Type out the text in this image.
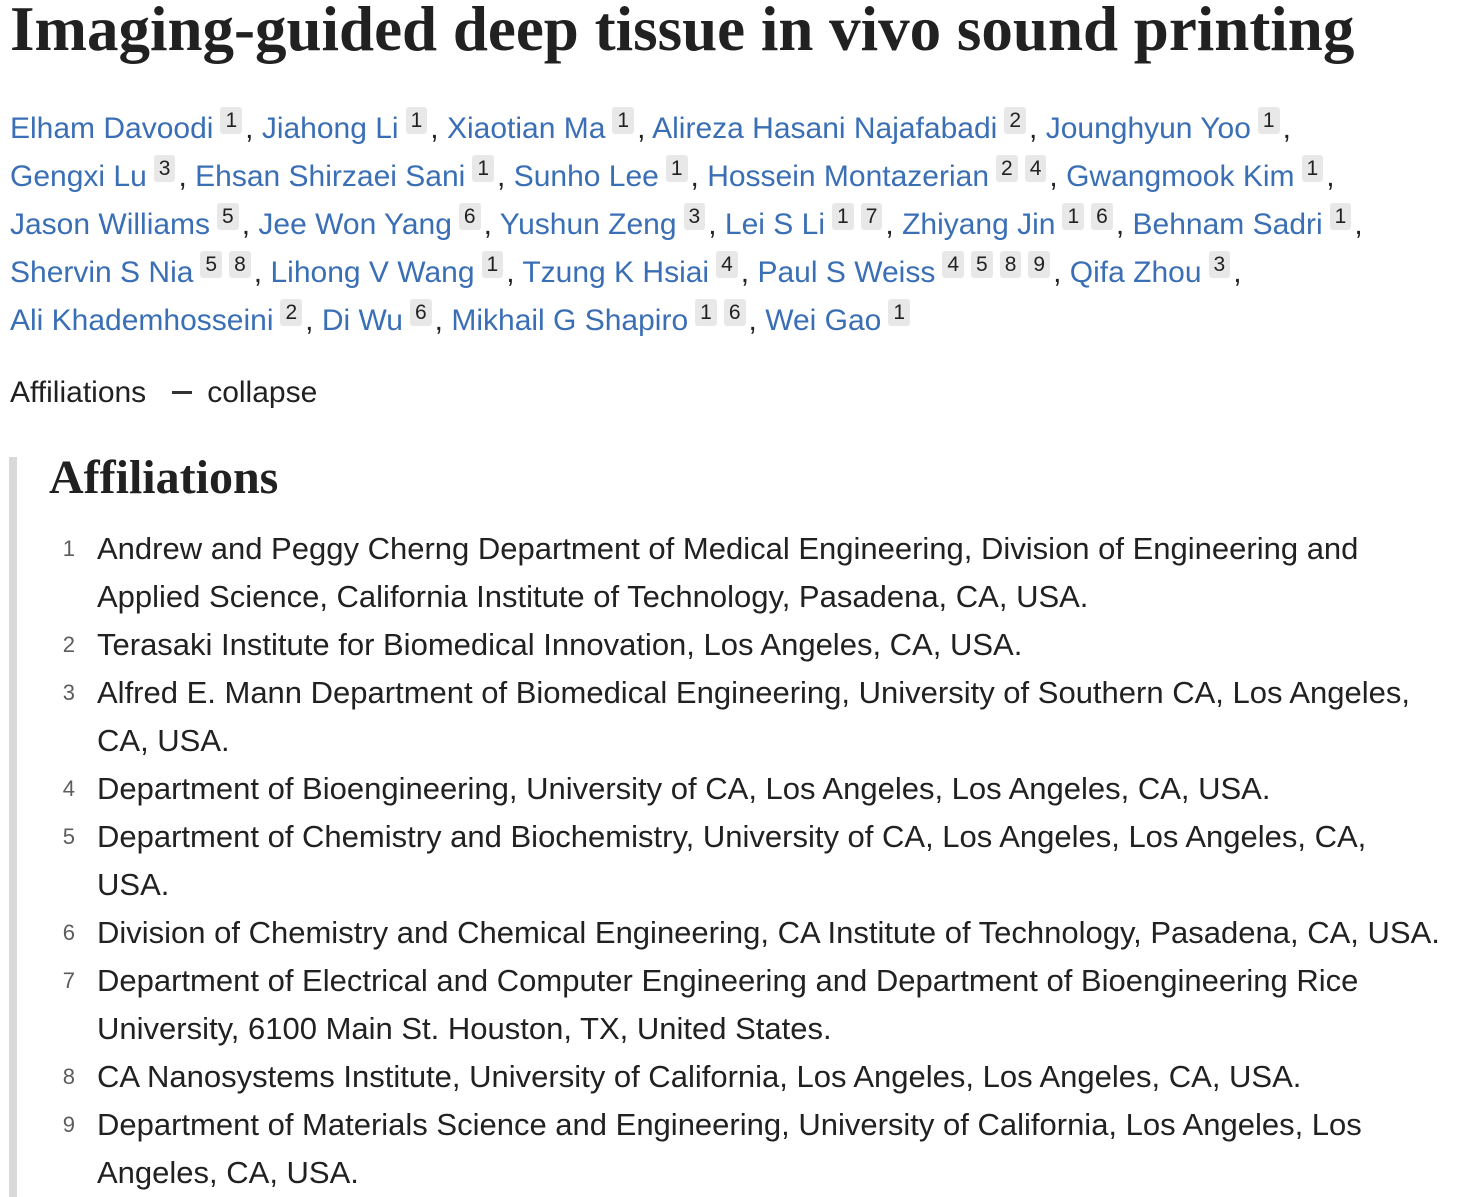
Imaging-guided deep tissue in vivo sound printing
Elham Davoodi 1 , Jiahong Li 1 , Xiaotian Ma 1 , Alireza Hasani Najafabadi 2 , Jounghyun Yoo 1 ,
Gengxi Lu 3 , Ehsan Shirzaei Sani 1 , Sunho Lee 1 , Hossein Montazerian 2 4 , Gwangmook Kim 1 ,
Jason Williams 5 , Jee Won Yang 6 , Yushun Zeng 3 , Lei S Li 1 7 , Zhiyang Jin 1 6 , Behnam Sadri 1 ,
Shervin S Nia 5 8 , Lihong V Wang 1 , Tzung K Hsiai 4 , Paul S Weiss 4 5 8 9 , Qifa Zhou 3 ,
Ali Khademhosseini 2 , Di Wu 6 , Mikhail G Shapiro 1 6 , Wei Gao 1
Affiliations collapse
Affiliations
1 Andrew and Peggy Cherng Department of Medical Engineering, Division of Engineering and Applied Science, California Institute of Technology, Pasadena, CA, USA.
2 Terasaki Institute for Biomedical Innovation, Los Angeles, CA, USA.
3 Alfred E. Mann Department of Biomedical Engineering, University of Southern CA, Los Angeles, CA, USA.
4 Department of Bioengineering, University of CA, Los Angeles, Los Angeles, CA, USA.
5 Department of Chemistry and Biochemistry, University of CA, Los Angeles, Los Angeles, CA, USA.
6 Division of Chemistry and Chemical Engineering, CA Institute of Technology, Pasadena, CA, USA.
7 Department of Electrical and Computer Engineering and Department of Bioengineering Rice University, 6100 Main St. Houston, TX, United States.
8 CA Nanosystems Institute, University of California, Los Angeles, Los Angeles, CA, USA.
9 Department of Materials Science and Engineering, University of California, Los Angeles, Los Angeles, CA, USA.
